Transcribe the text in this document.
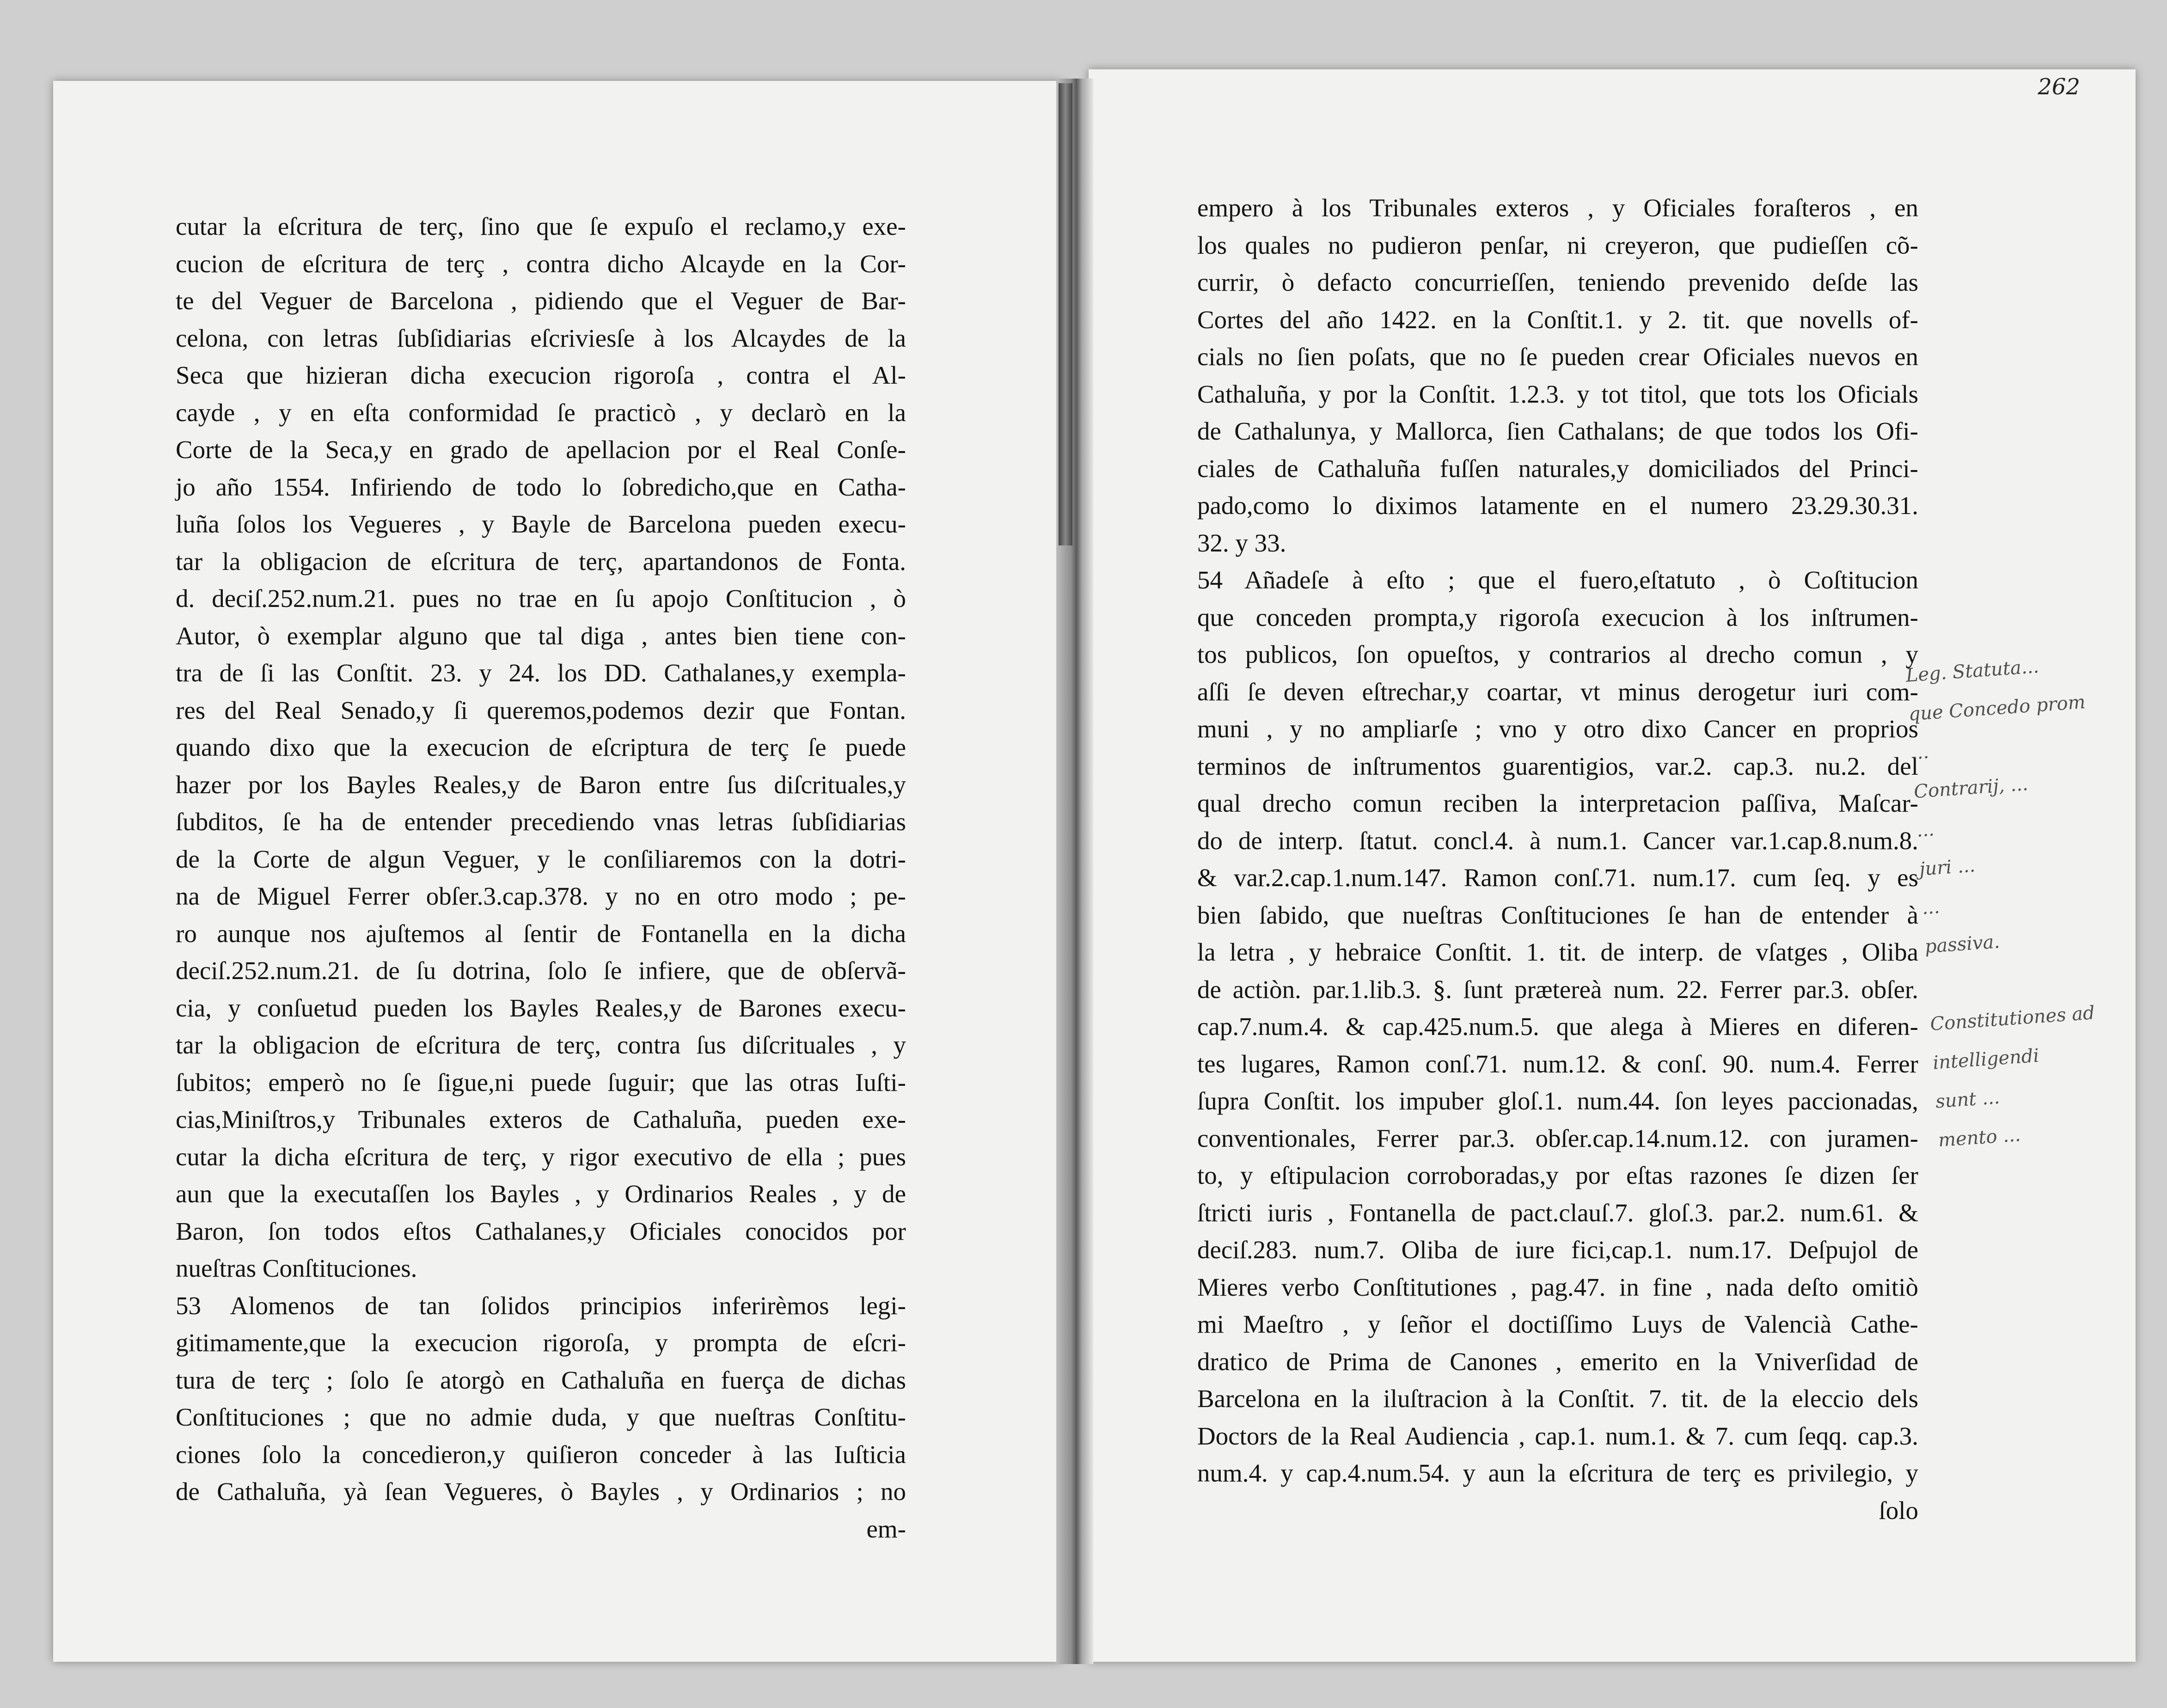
262
cutar la eſcritura de terç, ſino que ſe expuſo el reclamo,y exe-
cucion de eſcritura de terç , contra dicho Alcayde en la Cor-
te del Veguer de Barcelona , pidiendo que el Veguer de Bar-
celona, con letras ſubſidiarias eſcriviesſe à los Alcaydes de la
Seca que hizieran dicha execucion rigoroſa , contra el Al-
cayde , y en eſta conformidad ſe practicò , y declarò en la
Corte de la Seca,y en grado de apellacion por el Real Conſe-
jo año 1554. Infiriendo de todo lo ſobredicho,que en Catha-
luña ſolos los Vegueres , y Bayle de Barcelona pueden execu-
tar la obligacion de eſcritura de terç, apartandonos de Fonta.
d. deciſ.252.num.21. pues no trae en ſu apojo Conſtitucion , ò
Autor, ò exemplar alguno que tal diga , antes bien tiene con-
tra de ſi las Conſtit. 23. y 24. los DD. Cathalanes,y exempla-
res del Real Senado,y ſi queremos,podemos dezir que Fontan.
quando dixo que la execucion de eſcriptura de terç ſe puede
hazer por los Bayles Reales,y de Baron entre ſus diſcrituales,y
ſubditos, ſe ha de entender precediendo vnas letras ſubſidiarias
de la Corte de algun Veguer, y le conſiliaremos con la dotri-
na de Miguel Ferrer obſer.3.cap.378. y no en otro modo ; pe-
ro aunque nos ajuſtemos al ſentir de Fontanella en la dicha
deciſ.252.num.21. de ſu dotrina, ſolo ſe infiere, que de obſervã-
cia, y conſuetud pueden los Bayles Reales,y de Barones execu-
tar la obligacion de eſcritura de terç, contra ſus diſcrituales , y
ſubitos; emperò no ſe ſigue,ni puede ſuguir; que las otras Iuſti-
cias,Miniſtros,y Tribunales exteros de Cathaluña, pueden exe-
cutar la dicha eſcritura de terç, y rigor executivo de ella ; pues
aun que la executaſſen los Bayles , y Ordinarios Reales , y de
Baron, ſon todos eſtos Cathalanes,y Oficiales conocidos por
nueſtras Conſtituciones.
53 Alomenos de tan ſolidos principios inferirèmos legi-
gitimamente,que la execucion rigoroſa, y prompta de eſcri-
tura de terç ; ſolo ſe atorgò en Cathaluña en fuerça de dichas
Conſtituciones ; que no admie duda, y que nueſtras Conſtitu-
ciones ſolo la concedieron,y quiſieron conceder à las Iuſticia
de Cathaluña, yà ſean Vegueres, ò Bayles , y Ordinarios ; no
em-
empero à los Tribunales exteros , y Oficiales foraſteros , en
los quales no pudieron penſar, ni creyeron, que pudieſſen cõ-
currir, ò defacto concurrieſſen, teniendo prevenido deſde las
Cortes del año 1422. en la Conſtit.1. y 2. tit. que novells of-
cials no ſien poſats, que no ſe pueden crear Oficiales nuevos en
Cathaluña, y por la Conſtit. 1.2.3. y tot titol, que tots los Oficials
de Cathalunya, y Mallorca, ſien Cathalans; de que todos los Ofi-
ciales de Cathaluña fuſſen naturales,y domiciliados del Princi-
pado,como lo diximos latamente en el numero 23.29.30.31.
32. y 33.
54 Añadeſe à eſto ; que el fuero,eſtatuto , ò Coſtitucion
que conceden prompta,y rigoroſa execucion à los inſtrumen-
tos publicos, ſon opueſtos, y contrarios al drecho comun , y
aſſi ſe deven eſtrechar,y coartar, vt minus derogetur iuri com-
muni , y no ampliarſe ; vno y otro dixo Cancer en proprios
terminos de inſtrumentos guarentigios, var.2. cap.3. nu.2. del
qual drecho comun reciben la interpretacion paſſiva, Maſcar-
do de interp. ſtatut. concl.4. à num.1. Cancer var.1.cap.8.num.8.
& var.2.cap.1.num.147. Ramon conſ.71. num.17. cum ſeq. y es
bien ſabido, que nueſtras Conſtituciones ſe han de entender à
la letra , y hebraice Conſtit. 1. tit. de interp. de vſatges , Oliba
de actiòn. par.1.lib.3. §. ſunt prætereà num. 22. Ferrer par.3. obſer.
cap.7.num.4. & cap.425.num.5. que alega à Mieres en diferen-
tes lugares, Ramon conſ.71. num.12. & conſ. 90. num.4. Ferrer
ſupra Conſtit. los impuber gloſ.1. num.44. ſon leyes paccionadas,
conventionales, Ferrer par.3. obſer.cap.14.num.12. con juramen-
to, y eſtipulacion corroboradas,y por eſtas razones ſe dizen ſer
ſtricti iuris , Fontanella de pact.clauſ.7. gloſ.3. par.2. num.61. &
deciſ.283. num.7. Oliba de iure fici,cap.1. num.17. Deſpujol de
Mieres verbo Conſtitutiones , pag.47. in fine , nada deſto omitiò
mi Maeſtro , y ſeñor el doctiſſimo Luys de Valencià Cathe-
dratico de Prima de Canones , emerito en la Vniverſidad de
Barcelona en la iluſtracion à la Conſtit. 7. tit. de la eleccio dels
Doctors de la Real Audiencia , cap.1. num.1. & 7. cum ſeqq. cap.3.
num.4. y cap.4.num.54. y aun la eſcritura de terç es privilegio, y
ſolo
Leg. Statuta...
que Concedo prom
...
Contrarij, ...
...
juri ...
...
passiva.
Constitutiones ad
intelligendi
sunt ...
mento ...
